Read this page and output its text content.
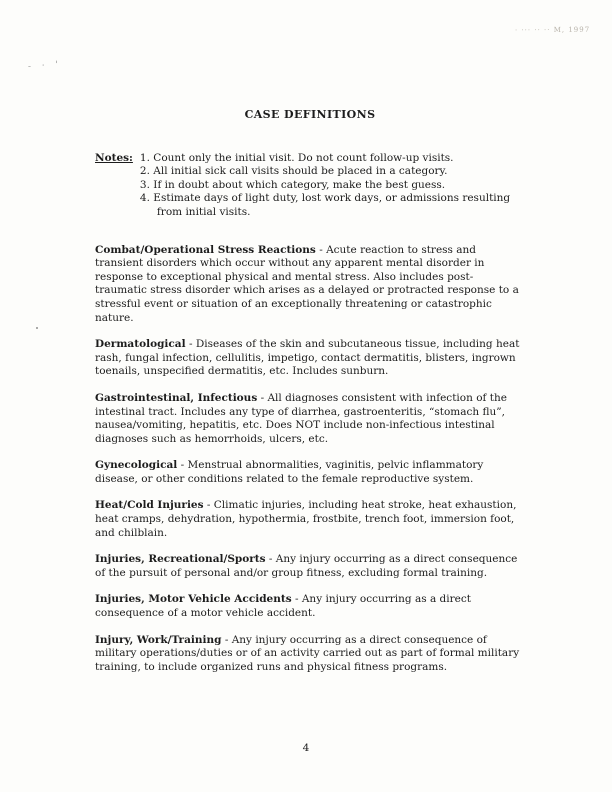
· ··· ·· ·· M, 1997
- · '
CASE DEFINITIONS
Notes: 1. Count only the initial visit. Do not count follow-up visits.
2. All initial sick call visits should be placed in a category.
3. If in doubt about which category, make the best guess.
4. Estimate days of light duty, lost work days, or admissions resulting from initial visits.

Combat/Operational Stress Reactions - Acute reaction to stress and transient disorders which occur without any apparent mental disorder in response to exceptional physical and mental stress. Also includes post-traumatic stress disorder which arises as a delayed or protracted response to a stressful event or situation of an exceptionally threatening or catastrophic nature.

Dermatological - Diseases of the skin and subcutaneous tissue, including heat rash, fungal infection, cellulitis, impetigo, contact dermatitis, blisters, ingrown toenails, unspecified dermatitis, etc. Includes sunburn.

Gastrointestinal, Infectious - All diagnoses consistent with infection of the intestinal tract. Includes any type of diarrhea, gastroenteritis, “stomach flu”, nausea/vomiting, hepatitis, etc. Does NOT include non-infectious intestinal diagnoses such as hemorrhoids, ulcers, etc.

Gynecological - Menstrual abnormalities, vaginitis, pelvic inflammatory disease, or other conditions related to the female reproductive system.

Heat/Cold Injuries - Climatic injuries, including heat stroke, heat exhaustion, heat cramps, dehydration, hypothermia, frostbite, trench foot, immersion foot, and chilblain.

Injuries, Recreational/Sports - Any injury occurring as a direct consequence of the pursuit of personal and/or group fitness, excluding formal training.

Injuries, Motor Vehicle Accidents - Any injury occurring as a direct consequence of a motor vehicle accident.

Injury, Work/Training - Any injury occurring as a direct consequence of military operations/duties or of an activity carried out as part of formal military training, to include organized runs and physical fitness programs.

4
